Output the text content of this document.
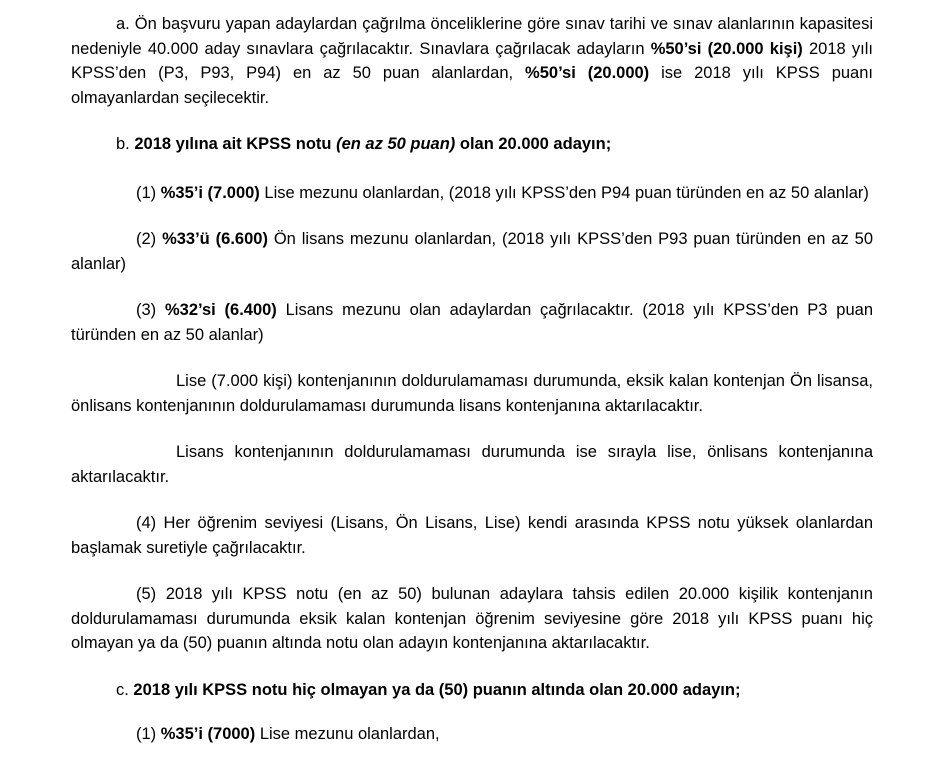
a. Ön başvuru yapan adaylardan çağrılma önceliklerine göre sınav tarihi ve sınav alanlarının kapasitesi nedeniyle 40.000 aday sınavlara çağrılacaktır. Sınavlara çağrılacak adayların %50’si (20.000 kişi) 2018 yılı KPSS’den (P3, P93, P94) en az 50 puan alanlardan, %50’si (20.000) ise 2018 yılı KPSS puanı olmayanlardan seçilecektir.

b. 2018 yılına ait KPSS notu (en az 50 puan) olan 20.000 adayın;

(1) %35’i (7.000) Lise mezunu olanlardan, (2018 yılı KPSS’den P94 puan türünden en az 50 alanlar)

(2) %33’ü (6.600) Ön lisans mezunu olanlardan, (2018 yılı KPSS’den P93 puan türünden en az 50 alanlar)

(3) %32’si (6.400) Lisans mezunu olan adaylardan çağrılacaktır. (2018 yılı KPSS’den P3 puan türünden en az 50 alanlar)

Lise (7.000 kişi) kontenjanının doldurulamaması durumunda, eksik kalan kontenjan Ön lisansa, önlisans kontenjanının doldurulamaması durumunda lisans kontenjanına aktarılacaktır.

Lisans kontenjanının doldurulamaması durumunda ise sırayla lise, önlisans kontenjanına aktarılacaktır.

(4) Her öğrenim seviyesi (Lisans, Ön Lisans, Lise) kendi arasında KPSS notu yüksek olanlardan başlamak suretiyle çağrılacaktır.

(5) 2018 yılı KPSS notu (en az 50) bulunan adaylara tahsis edilen 20.000 kişilik kontenjanın doldurulamaması durumunda eksik kalan kontenjan öğrenim seviyesine göre 2018 yılı KPSS puanı hiç olmayan ya da (50) puanın altında notu olan adayın kontenjanına aktarılacaktır.

c. 2018 yılı KPSS notu hiç olmayan ya da (50) puanın altında olan 20.000 adayın;

(1) %35’i (7000) Lise mezunu olanlardan,
